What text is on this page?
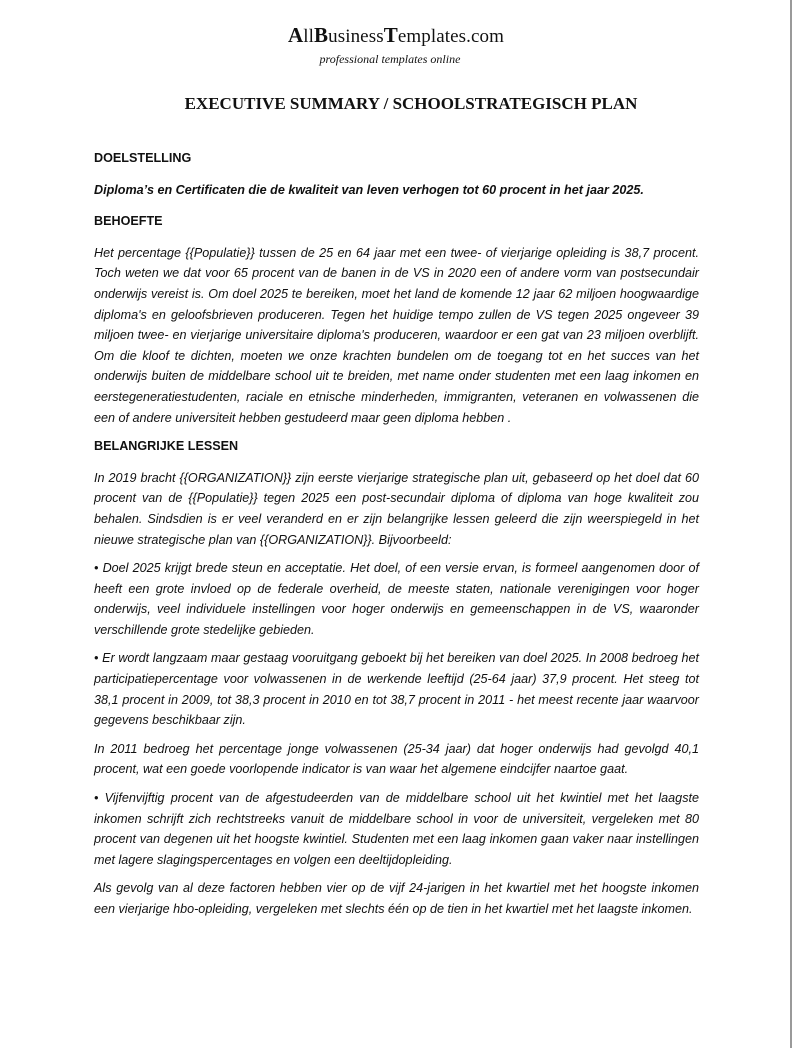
AllBusinessTemplates.com
professional templates online
EXECUTIVE SUMMARY / SCHOOLSTRATEGISCH PLAN

DOELSTELLING

Diploma’s en Certificaten die de kwaliteit van leven verhogen tot 60 procent in het jaar 2025.

BEHOEFTE

Het percentage {{Populatie}} tussen de 25 en 64 jaar met een twee- of vierjarige opleiding is 38,7 procent. Toch weten we dat voor 65 procent van de banen in de VS in 2020 een of andere vorm van postsecundair onderwijs vereist is. Om doel 2025 te bereiken, moet het land de komende 12 jaar 62 miljoen hoogwaardige diploma's en geloofsbrieven produceren. Tegen het huidige tempo zullen de VS tegen 2025 ongeveer 39 miljoen twee- en vierjarige universitaire diploma's produceren, waardoor er een gat van 23 miljoen overblijft. Om die kloof te dichten, moeten we onze krachten bundelen om de toegang tot en het succes van het onderwijs buiten de middelbare school uit te breiden, met name onder studenten met een laag inkomen en eerstegeneratiestudenten, raciale en etnische minderheden, immigranten, veteranen en volwassenen die een of andere universiteit hebben gestudeerd maar geen diploma hebben .

BELANGRIJKE LESSEN

In 2019 bracht {{ORGANIZATION}} zijn eerste vierjarige strategische plan uit, gebaseerd op het doel dat 60 procent van de {{Populatie}} tegen 2025 een post-secundair diploma of diploma van hoge kwaliteit zou behalen. Sindsdien is er veel veranderd en er zijn belangrijke lessen geleerd die zijn weerspiegeld in het nieuwe strategische plan van {{ORGANIZATION}}. Bijvoorbeeld:

• Doel 2025 krijgt brede steun en acceptatie. Het doel, of een versie ervan, is formeel aangenomen door of heeft een grote invloed op de federale overheid, de meeste staten, nationale verenigingen voor hoger onderwijs, veel individuele instellingen voor hoger onderwijs en gemeenschappen in de VS, waaronder verschillende grote stedelijke gebieden.

• Er wordt langzaam maar gestaag vooruitgang geboekt bij het bereiken van doel 2025. In 2008 bedroeg het participatiepercentage voor volwassenen in de werkende leeftijd (25-64 jaar) 37,9 procent. Het steeg tot 38,1 procent in 2009, tot 38,3 procent in 2010 en tot 38,7 procent in 2011 - het meest recente jaar waarvoor gegevens beschikbaar zijn.

In 2011 bedroeg het percentage jonge volwassenen (25-34 jaar) dat hoger onderwijs had gevolgd 40,1 procent, wat een goede voorlopende indicator is van waar het algemene eindcijfer naartoe gaat.

• Vijfenvijftig procent van de afgestudeerden van de middelbare school uit het kwintiel met het laagste inkomen schrijft zich rechtstreeks vanuit de middelbare school in voor de universiteit, vergeleken met 80 procent van degenen uit het hoogste kwintiel. Studenten met een laag inkomen gaan vaker naar instellingen met lagere slagingspercentages en volgen een deeltijdopleiding.

Als gevolg van al deze factoren hebben vier op de vijf 24-jarigen in het kwartiel met het hoogste inkomen een vierjarige hbo-opleiding, vergeleken met slechts één op de tien in het kwartiel met het laagste inkomen.
